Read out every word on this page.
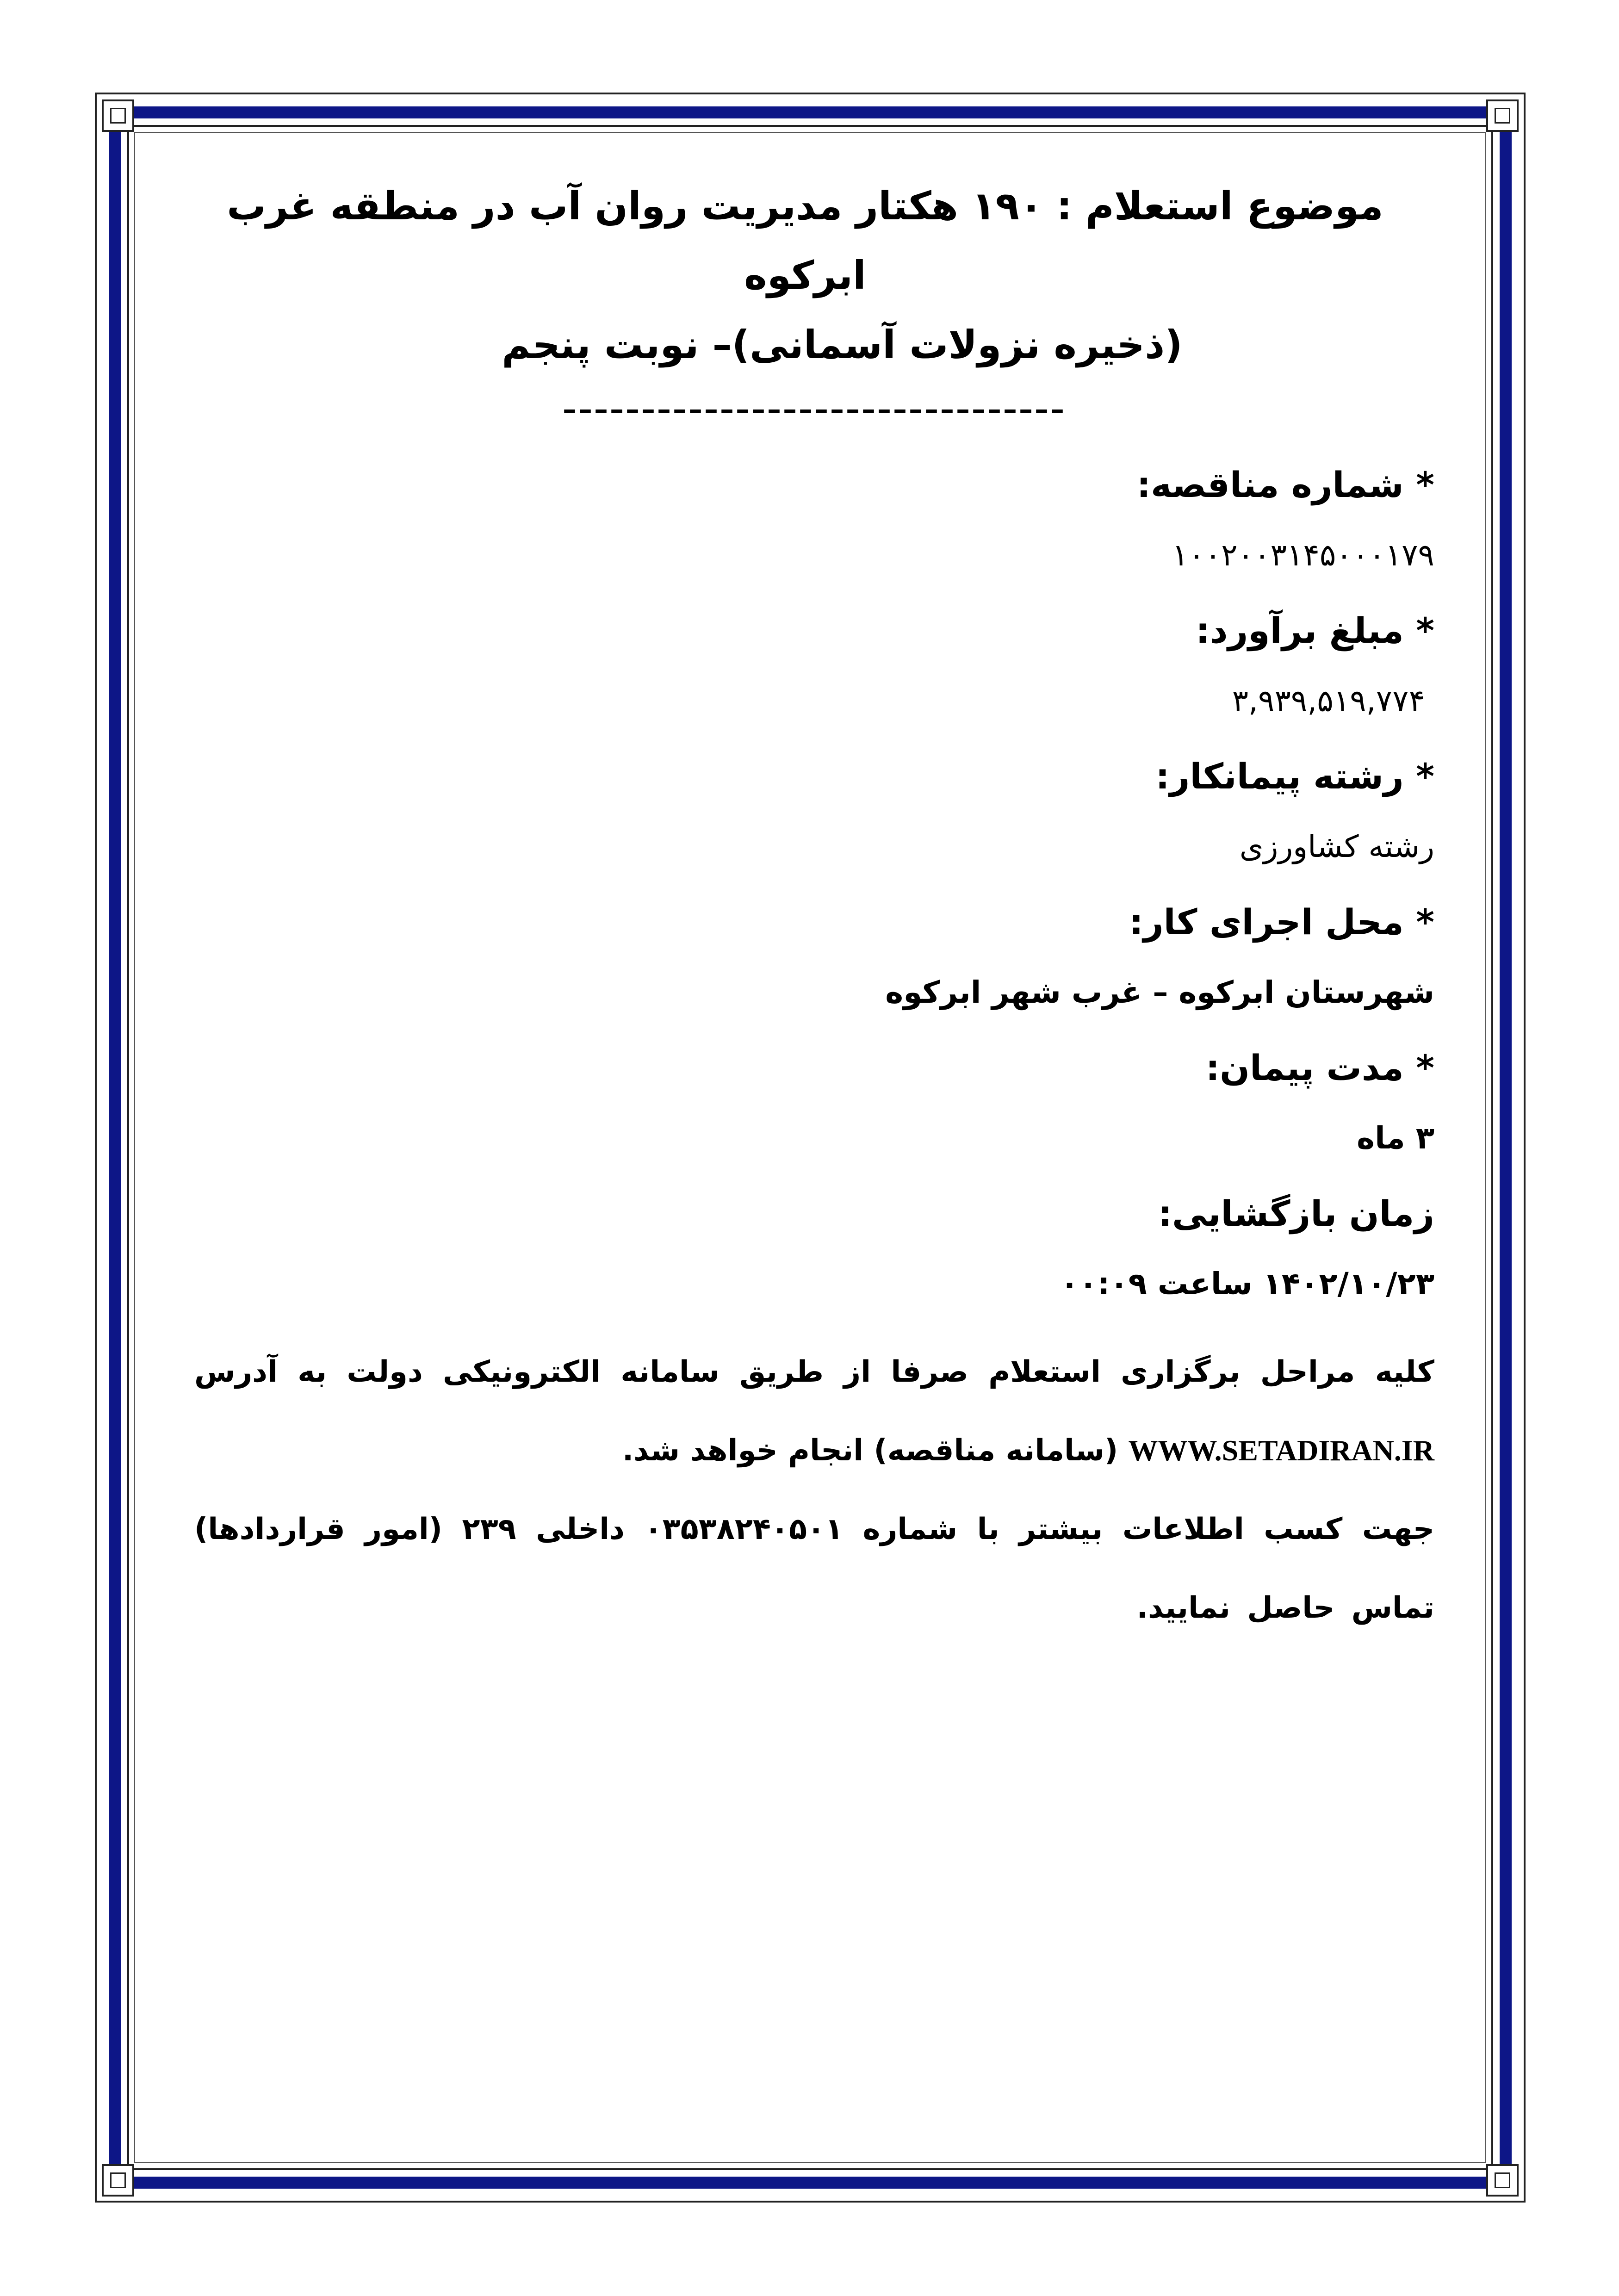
موضوع استعلام : ۱۹۰ هکتار مدیریت روان آب در منطقه غرب ابرکوه
(ذخیره نزولات آسمانی)– نوبت پنجم
––––––––––––––––––––––––––––––––
* شماره مناقصه:
۱۰۰۲۰۰۳۱۴۵۰۰۰۱۷۹
* مبلغ برآورد:
۳,۹۳۹,۵۱۹,۷۷۴
* رشته پیمانکار:
رشته کشاورزی
* محل اجرای کار:
شهرستان ابرکوه – غرب شهر ابرکوه
* مدت پیمان:
۳ ماه
زمان بازگشایی:
۱۴۰۲/۱۰/۲۳ ساعت ۰۰:۰۹

کلیه مراحل برگزاری استعلام صرفا از طریق سامانه الکترونیکی دولت به آدرس WWW.SETADIRAN.IR (سامانه مناقصه) انجام خواهد شد.

جهت کسب اطلاعات بیشتر با شماره ۰۳۵۳۸۲۴۰۵۰۱ داخلی ۲۳۹ (امور قراردادها) تماس حاصل نمایید.
